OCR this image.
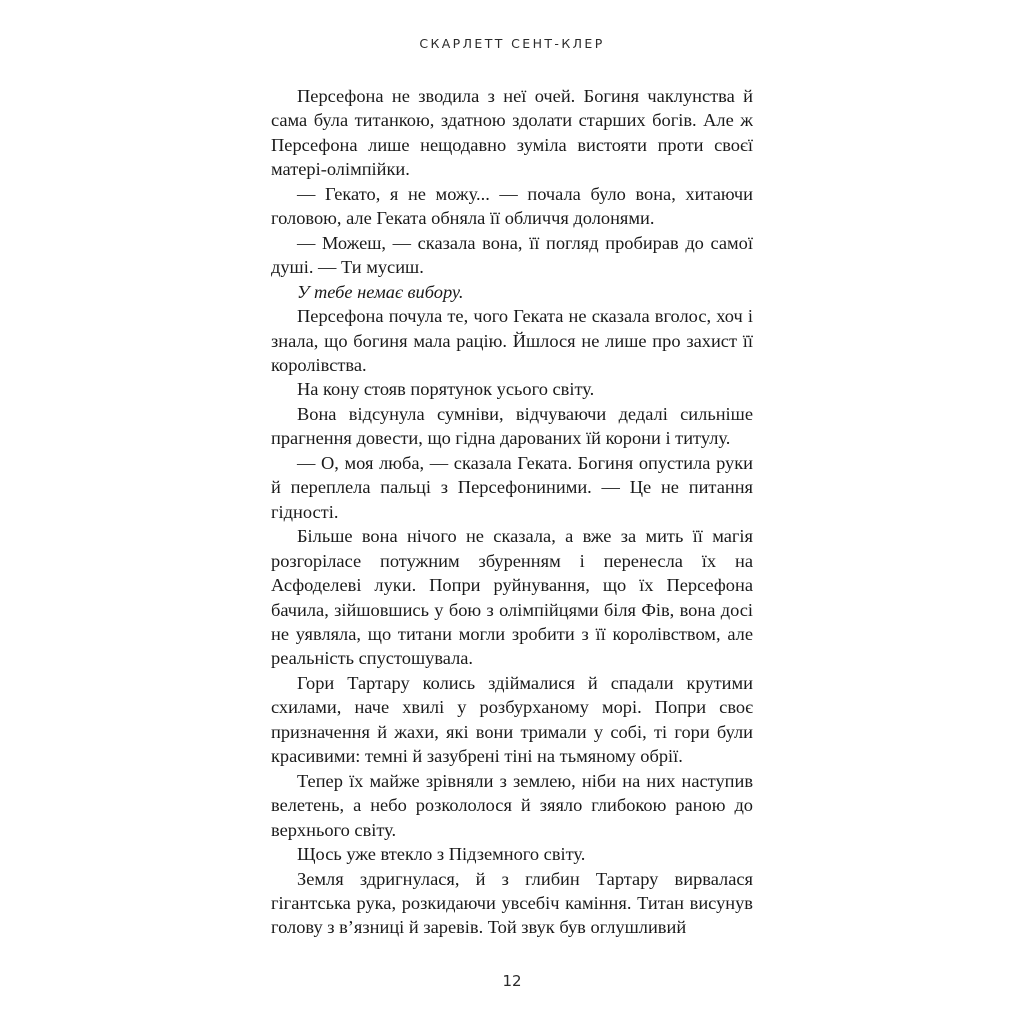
СКАРЛЕТТ СЕНТ-КЛЕР

Персефона не зводила з неї очей. Богиня чаклунства й сама була титанкою, здатною здолати старших богів. Але ж Персефона лише нещодавно зуміла вистояти проти своєї матері-олімпійки.

— Гекато, я не можу... — почала було вона, хитаючи головою, але Геката обняла її обличчя долонями.

— Можеш, — сказала вона, її погляд пробирав до самої душі. — Ти мусиш.

У тебе немає вибору.

Персефона почула те, чого Геката не сказала вголос, хоч і знала, що богиня мала рацію. Йшлося не лише про захист її королівства.

На кону стояв порятунок усього світу.

Вона відсунула сумніви, відчуваючи дедалі сильніше прагнення довести, що гідна дарованих їй корони і титулу.

— О, моя люба, — сказала Геката. Богиня опустила руки й переплела пальці з Персефониними. — Це не питання гідності.

Більше вона нічого не сказала, а вже за мить її магія розгоріласе потужним збуренням і перенесла їх на Асфоделеві луки. Попри руйнування, що їх Персефона бачила, зійшовшись у бою з олімпійцями біля Фів, вона досі не уявляла, що титани могли зробити з її королівством, але реальність спустошувала.

Гори Тартару колись здіймалися й спадали крутими схилами, наче хвилі у розбурханому морі. Попри своє призначення й жахи, які вони тримали у собі, ті гори були красивими: темні й зазубрені тіні на тьмяному обрії.

Тепер їх майже зрівняли з землею, ніби на них наступив велетень, а небо розкололося й зяяло глибокою раною до верхнього світу.

Щось уже втекло з Підземного світу.

Земля здригнулася, й з глибин Тартару вирвалася гігантська рука, розкидаючи увсебіч каміння. Титан висунув голову з в’язниці й заревів. Той звук був оглушливий

12
